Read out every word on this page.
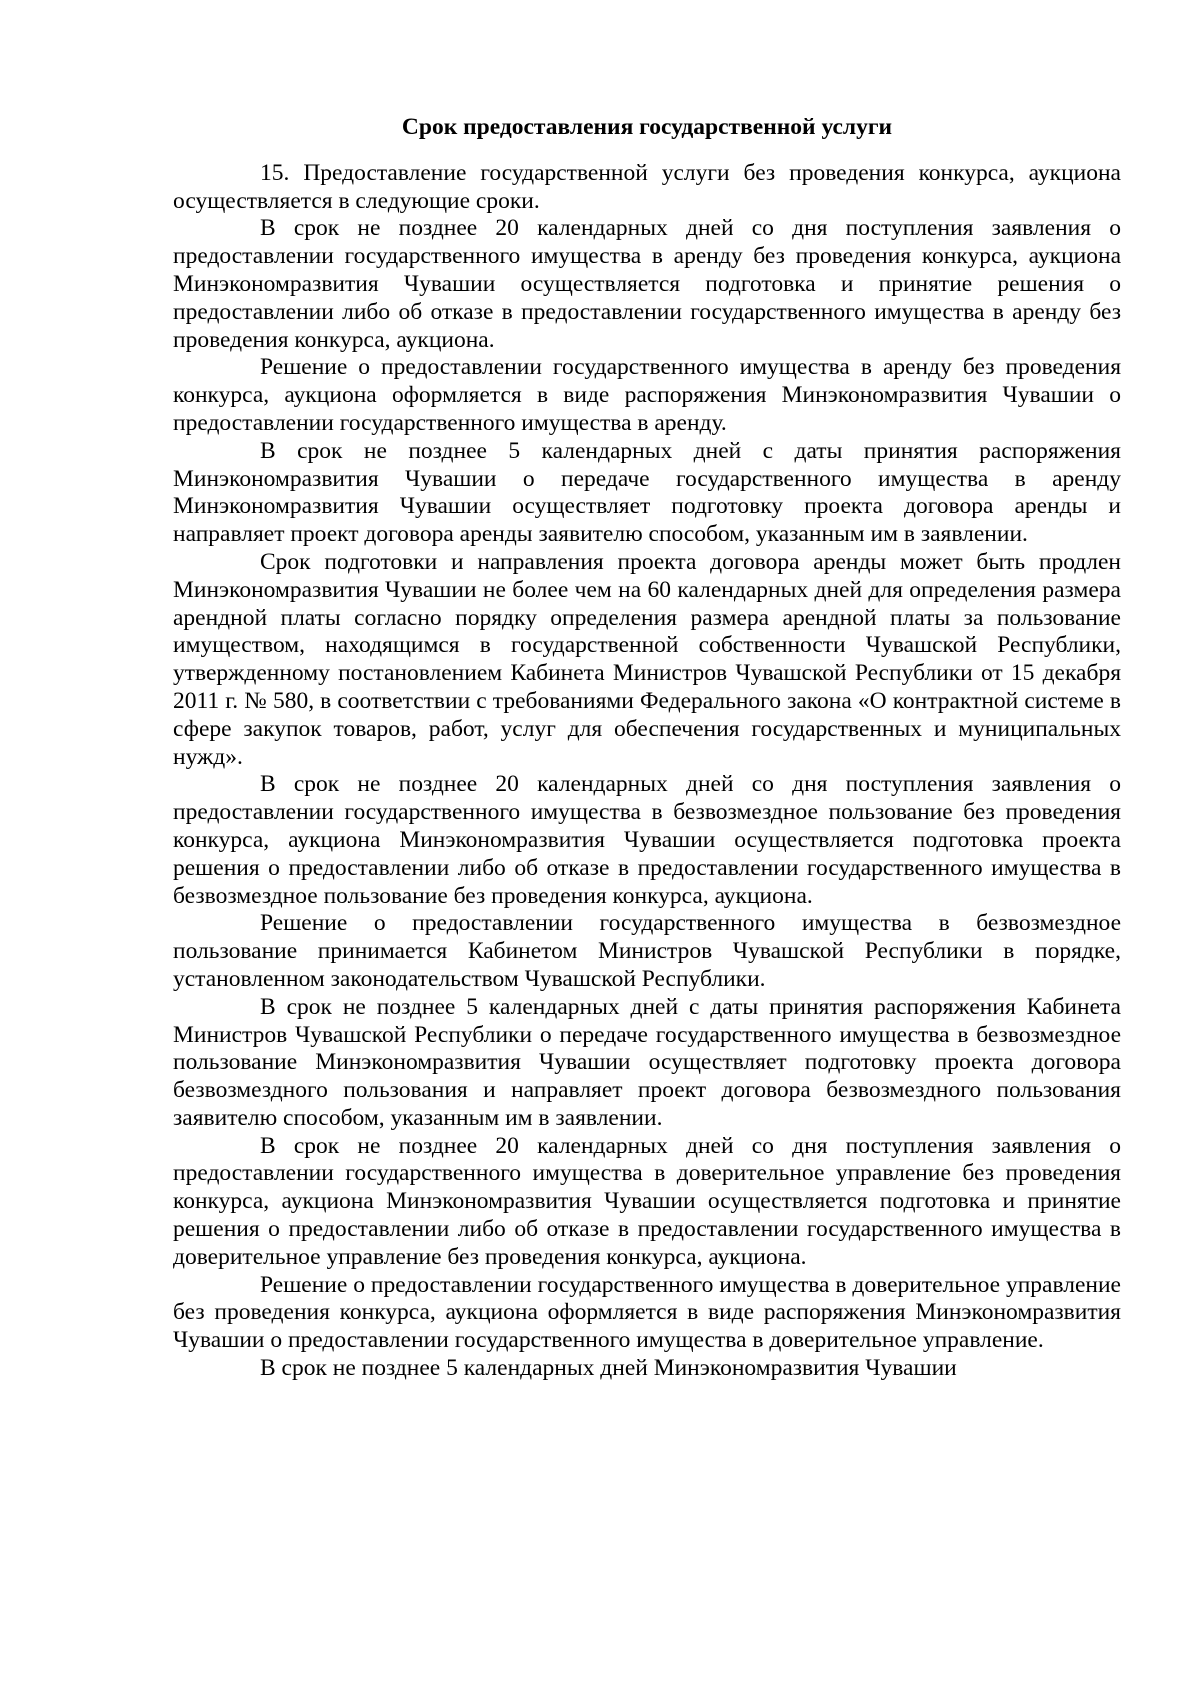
Срок предоставления государственной услуги

15. Предоставление государственной услуги без проведения конкурса, аукциона осуществляется в следующие сроки.

В срок не позднее 20 календарных дней со дня поступления заявления о предоставлении государственного имущества в аренду без проведения конкурса, аукциона Минэкономразвития Чувашии осуществляется подготовка и принятие решения о предоставлении либо об отказе в предоставлении государственного имущества в аренду без проведения конкурса, аукциона.

Решение о предоставлении государственного имущества в аренду без проведения конкурса, аукциона оформляется в виде распоряжения Минэкономразвития Чувашии о предоставлении государственного имущества в аренду.

В срок не позднее 5 календарных дней с даты принятия распоряжения Минэкономразвития Чувашии о передаче государственного имущества в аренду Минэкономразвития Чувашии осуществляет подготовку проекта договора аренды и направляет проект договора аренды заявителю способом, указанным им в заявлении.

Срок подготовки и направления проекта договора аренды может быть продлен Минэкономразвития Чувашии не более чем на 60 календарных дней для определения размера арендной платы согласно порядку определения размера арендной платы за пользование имуществом, находящимся в государственной собственности Чувашской Республики, утвержденному постановлением Кабинета Министров Чувашской Республики от 15 декабря 2011 г. № 580, в соответствии с требованиями Федерального закона «О контрактной системе в сфере закупок товаров, работ, услуг для обеспечения государственных и муниципальных нужд».

В срок не позднее 20 календарных дней со дня поступления заявления о предоставлении государственного имущества в безвозмездное пользование без проведения конкурса, аукциона Минэкономразвития Чувашии осуществляется подготовка проекта решения о предоставлении либо об отказе в предоставлении государственного имущества в безвозмездное пользование без проведения конкурса, аукциона.

Решение о предоставлении государственного имущества в безвозмездное пользование принимается Кабинетом Министров Чувашской Республики в порядке, установленном законодательством Чувашской Республики.

В срок не позднее 5 календарных дней с даты принятия распоряжения Кабинета Министров Чувашской Республики о передаче государственного имущества в безвозмездное пользование Минэкономразвития Чувашии осуществляет подготовку проекта договора безвозмездного пользования и направляет проект договора безвозмездного пользования заявителю способом, указанным им в заявлении.

В срок не позднее 20 календарных дней со дня поступления заявления о предоставлении государственного имущества в доверительное управление без проведения конкурса, аукциона Минэкономразвития Чувашии осуществляется подготовка и принятие решения о предоставлении либо об отказе в предоставлении государственного имущества в доверительное управление без проведения конкурса, аукциона.

Решение о предоставлении государственного имущества в доверительное управление без проведения конкурса, аукциона оформляется в виде распоряжения Минэкономразвития Чувашии о предоставлении государственного имущества в доверительное управление.

В срок не позднее 5 календарных дней Минэкономразвития Чувашии
